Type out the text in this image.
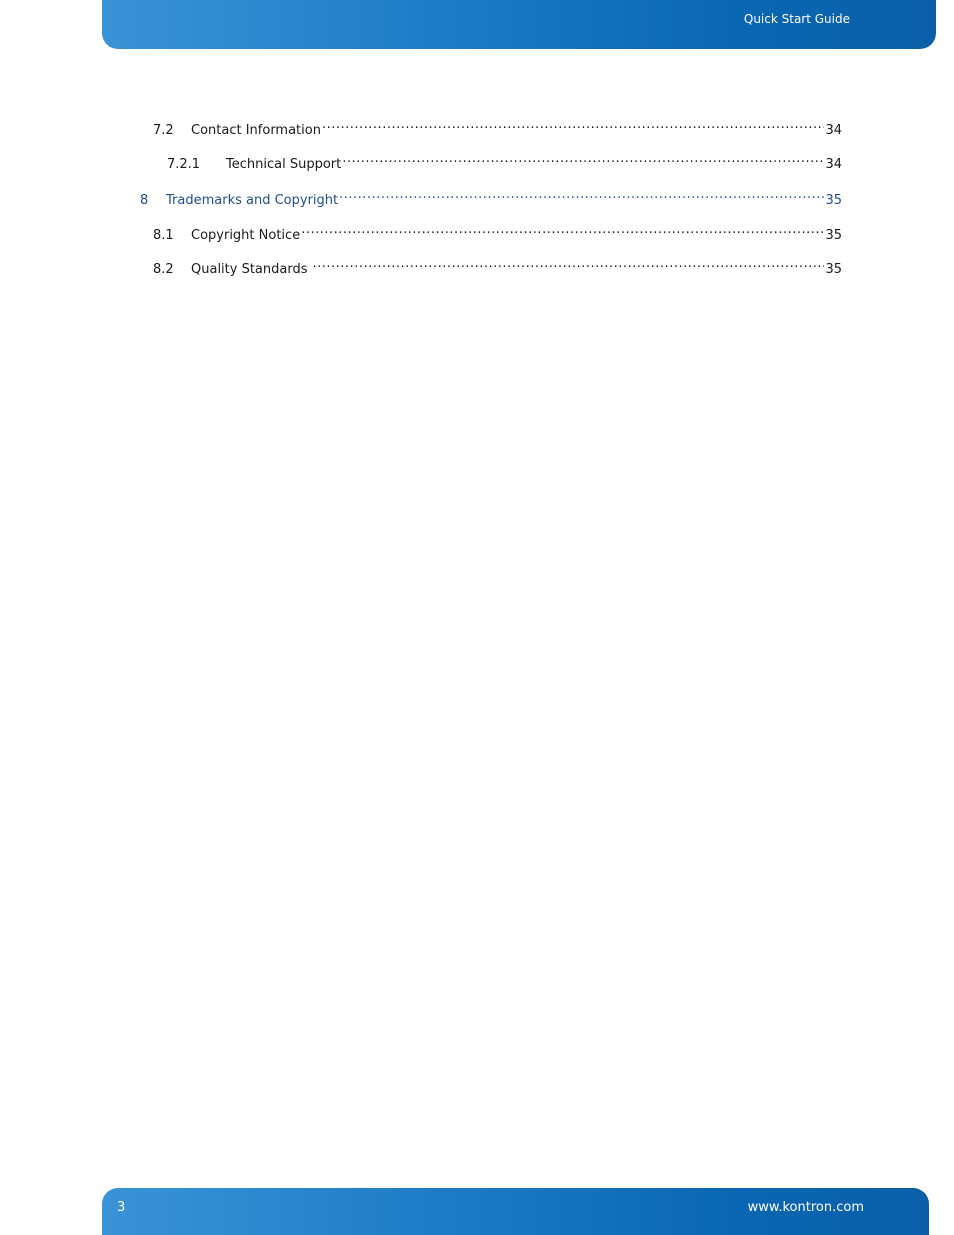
Quick Start Guide
7.2	Contact Information .....	34
7.2.1	Technical Support .....	34
8	Trademarks and Copyright .....	35
8.1	Copyright Notice .....	35
8.2	Quality Standards .....	35
3	www.kontron.com
